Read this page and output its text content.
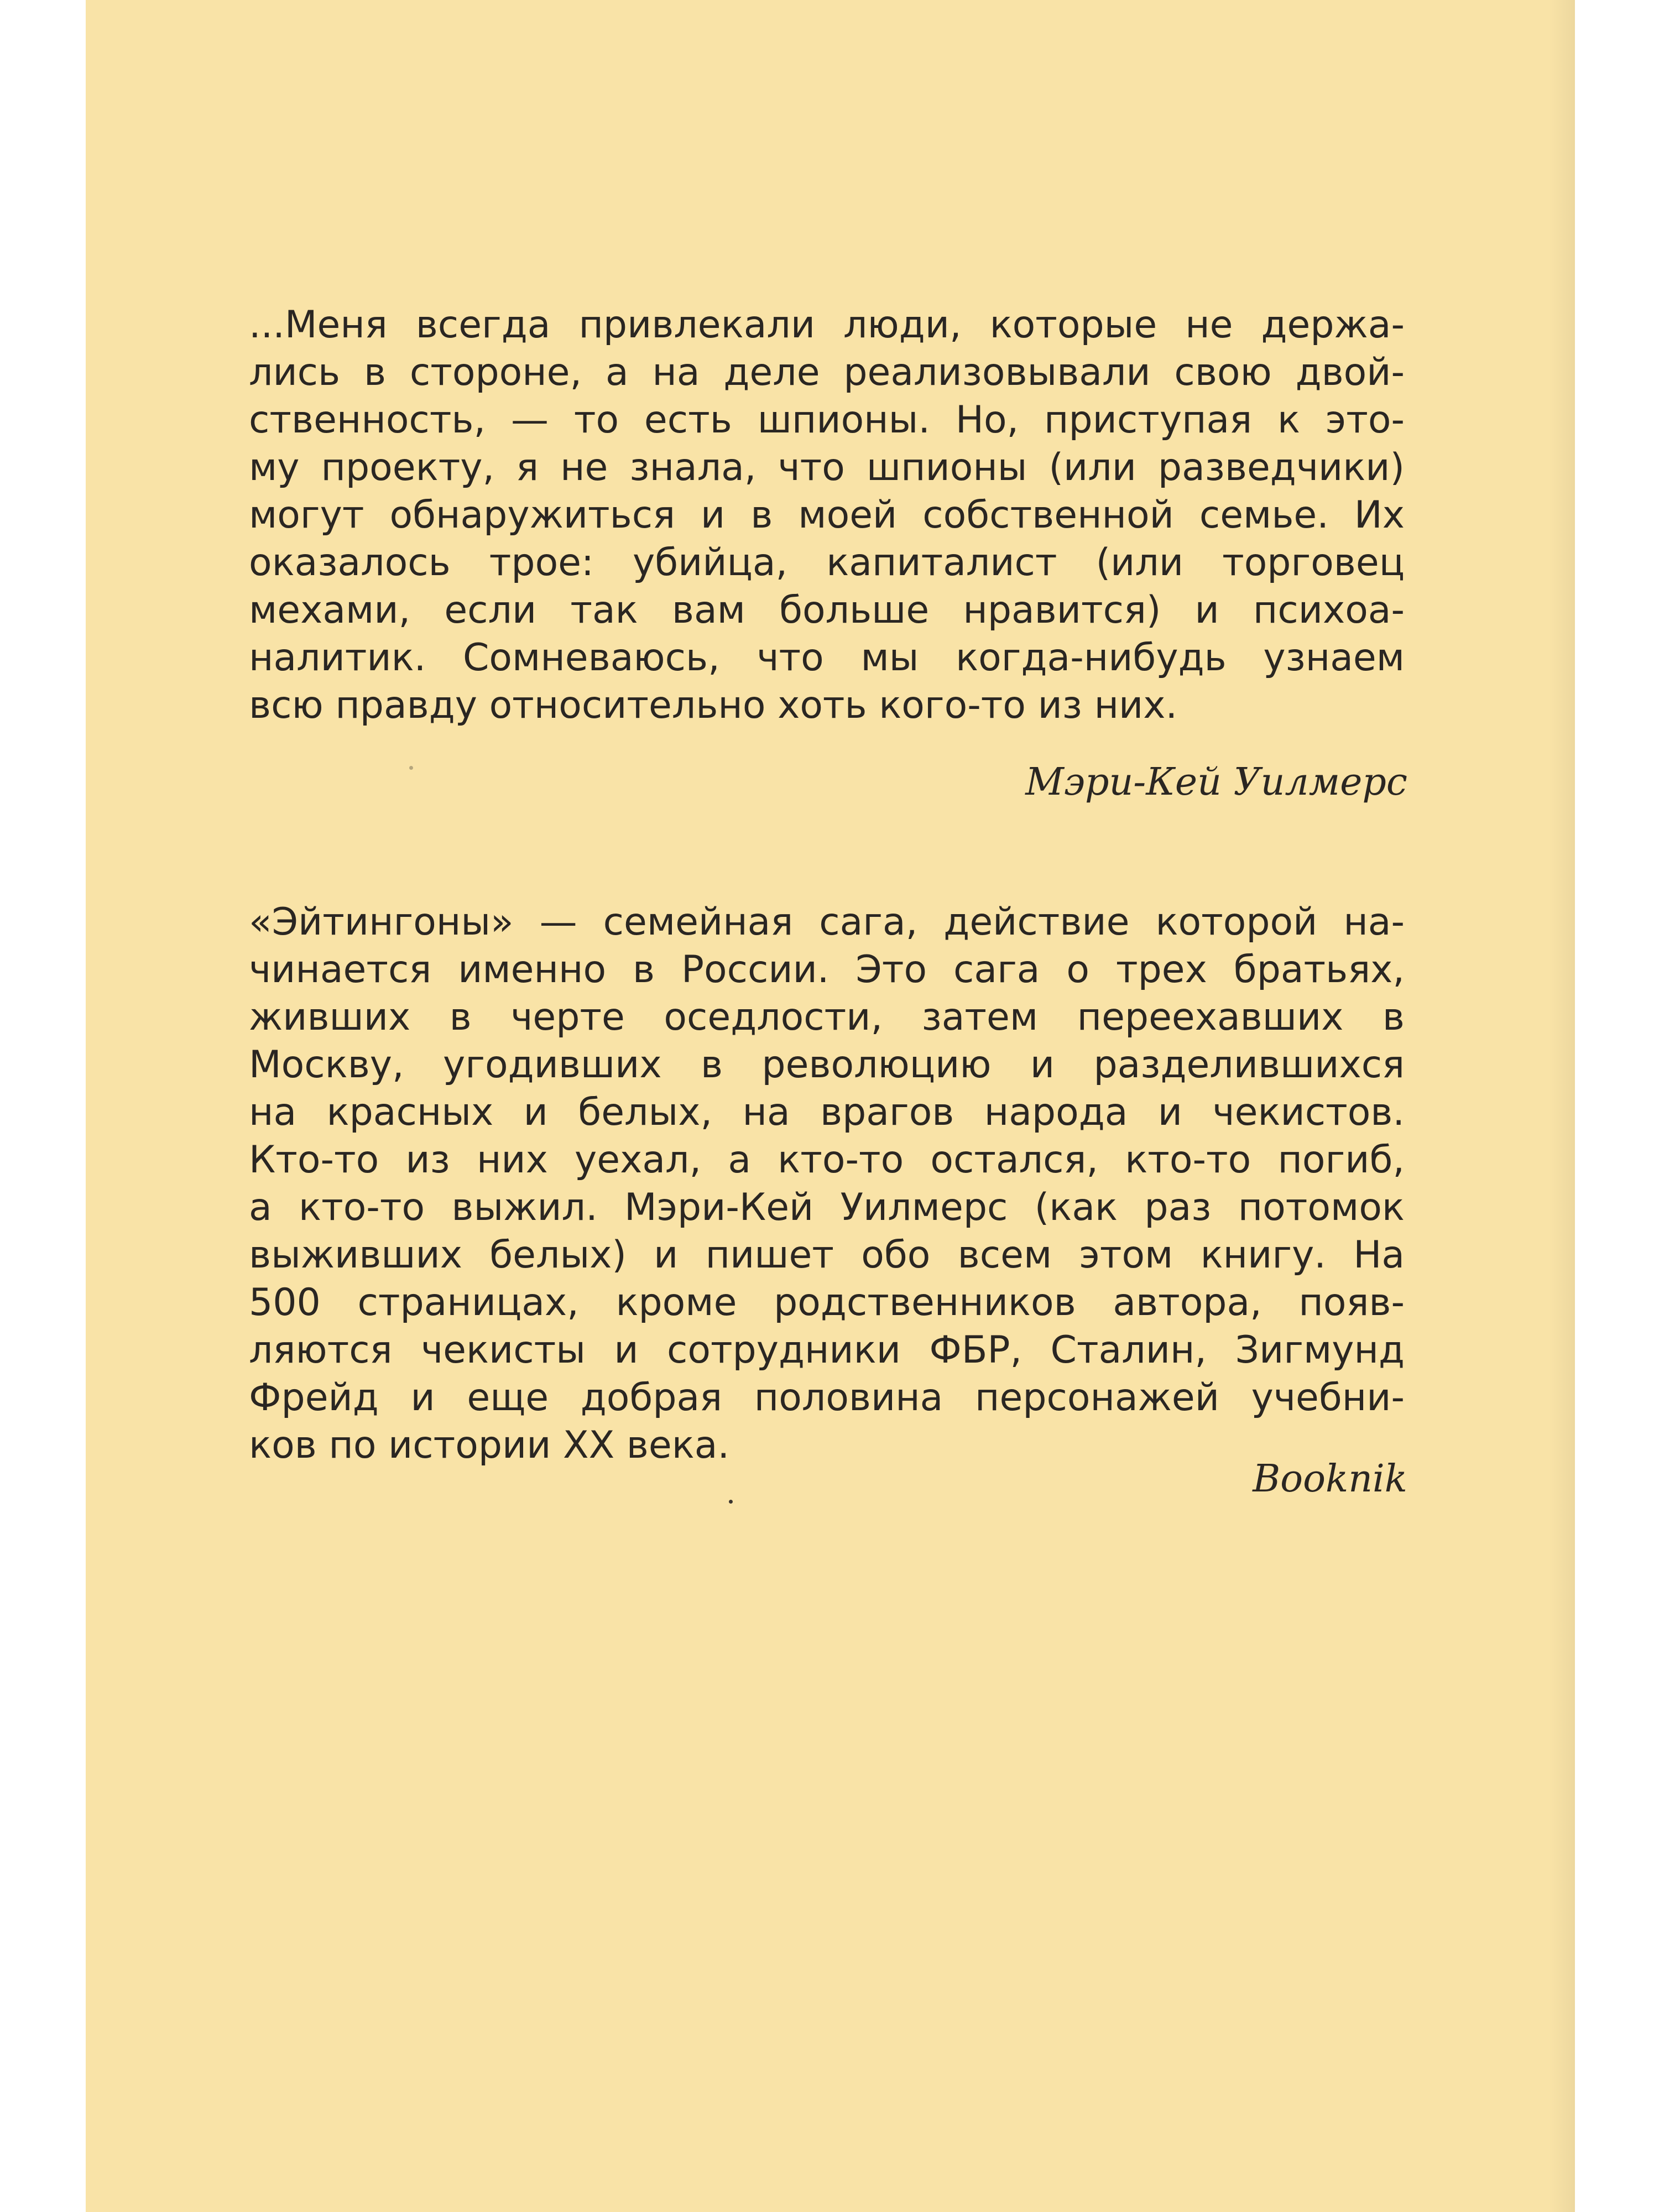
...Меня всегда привлекали люди, которые не держа-
лись в стороне, а на деле реализовывали свою двой-
ственность, — то есть шпионы. Но, приступая к это-
му проекту, я не знала, что шпионы (или разведчики)
могут обнаружиться и в моей собственной семье. Их
оказалось трое: убийца, капиталист (или торговец
мехами, если так вам больше нравится) и психоа-
налитик. Сомневаюсь, что мы когда-нибудь узнаем
всю правду относительно хоть кого-то из них.

Мэри-Кей Уилмерс

«Эйтингоны» — семейная сага, действие которой на-
чинается именно в России. Это сага о трех братьях,
живших в черте оседлости, затем переехавших в
Москву, угодивших в революцию и разделившихся
на красных и белых, на врагов народа и чекистов.
Кто-то из них уехал, а кто-то остался, кто-то погиб,
а кто-то выжил. Мэри-Кей Уилмерс (как раз потомок
выживших белых) и пишет обо всем этом книгу. На
500 страницах, кроме родственников автора, появ-
ляются чекисты и сотрудники ФБР, Сталин, Зигмунд
Фрейд и еще добрая половина персонажей учебни-
ков по истории XX века.

Booknik
